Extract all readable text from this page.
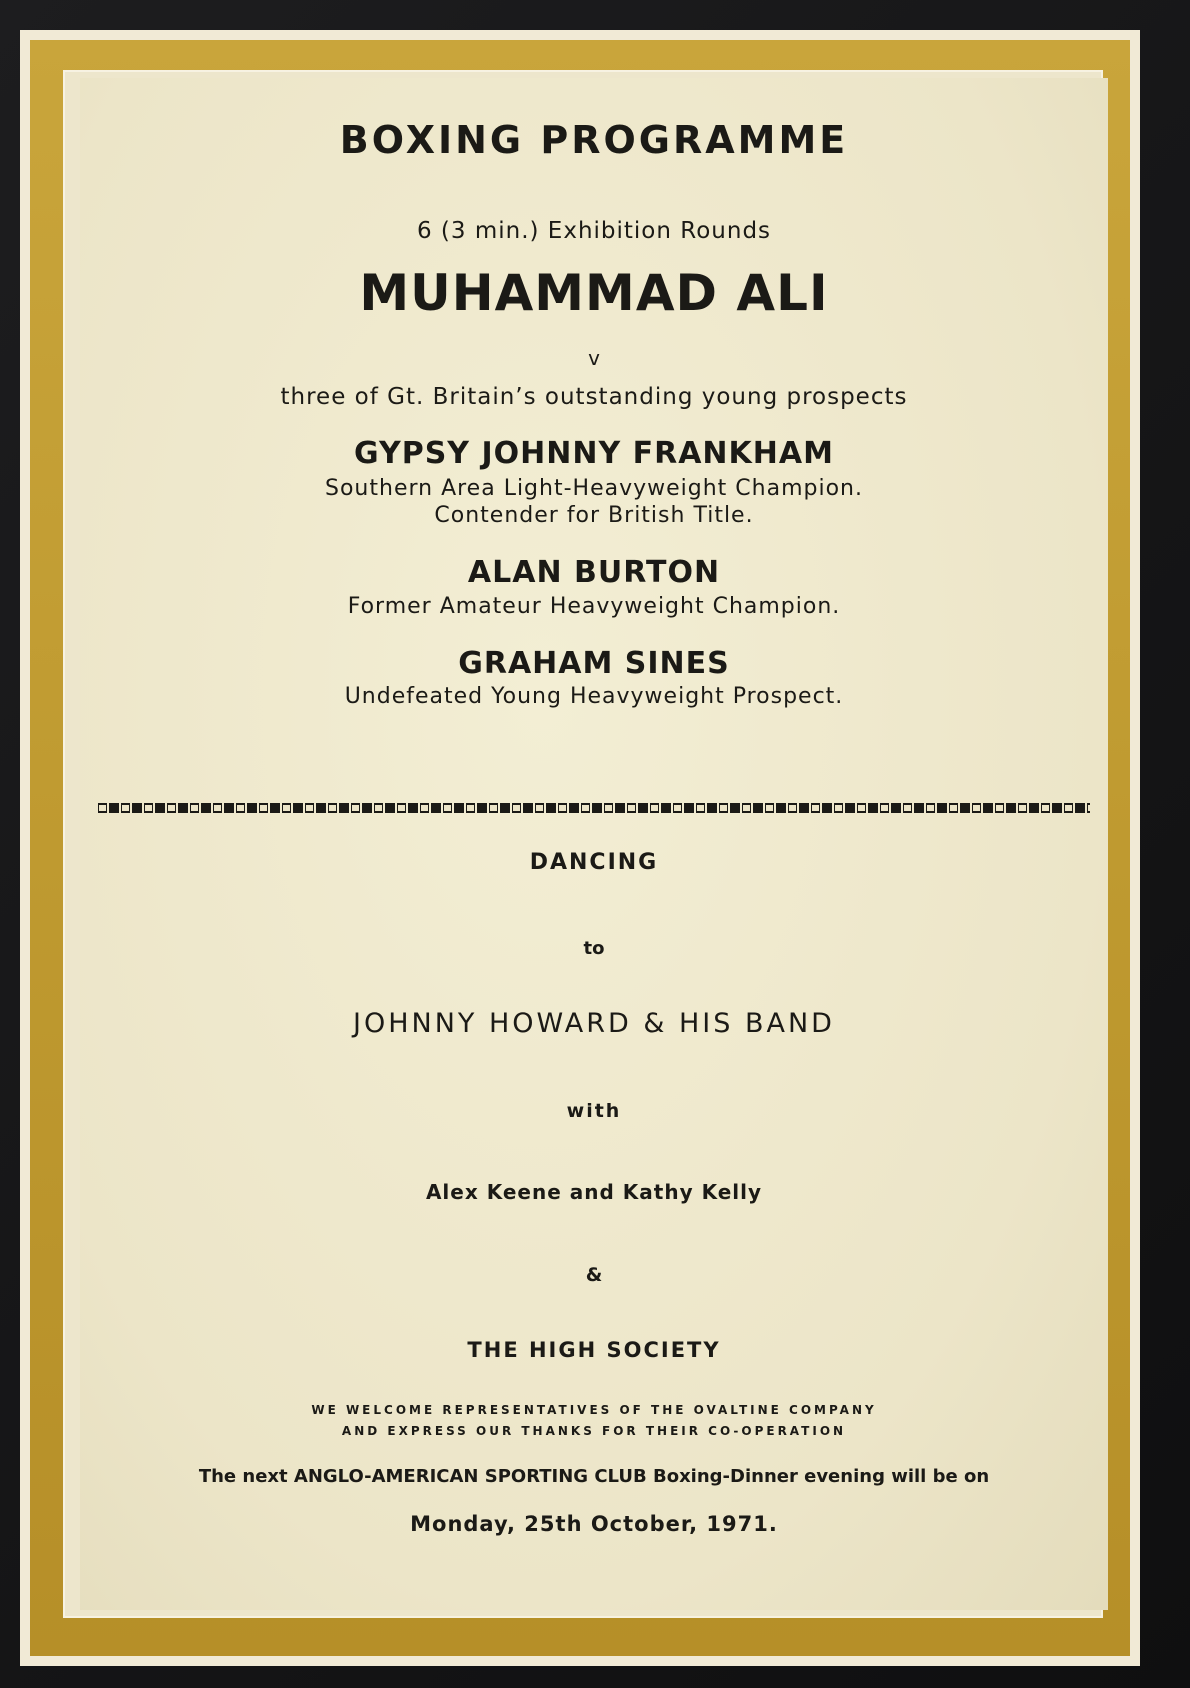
BOXING PROGRAMME

6 (3 min.) Exhibition Rounds

MUHAMMAD ALI

v

three of Gt. Britain’s outstanding young prospects

GYPSY JOHNNY FRANKHAM

Southern Area Light-Heavyweight Champion.

Contender for British Title.

ALAN BURTON

Former Amateur Heavyweight Champion.

GRAHAM SINES

Undefeated Young Heavyweight Prospect.

DANCING

to

JOHNNY HOWARD & HIS BAND

with

Alex Keene and Kathy Kelly

&

THE HIGH SOCIETY

WE WELCOME REPRESENTATIVES OF THE OVALTINE COMPANY

AND EXPRESS OUR THANKS FOR THEIR CO-OPERATION

The next ANGLO-AMERICAN SPORTING CLUB Boxing-Dinner evening will be on

Monday, 25th October, 1971.
